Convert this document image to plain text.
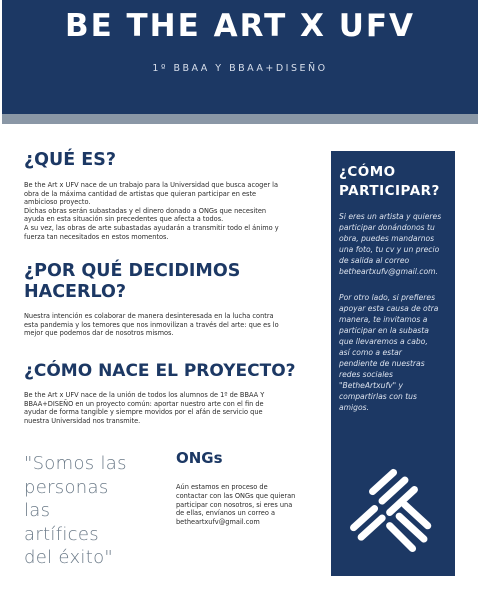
BE THE ART X UFV
1º BBAA Y BBAA+DISEÑO
¿QUÉ ES?
Be the Art x UFV nace de un trabajo para la Universidad que busca acoger la
obra de la máxima cantidad de artistas que quieran participar en este
ambicioso proyecto.
Dichas obras serán subastadas y el dinero donado a ONGs que necesiten
ayuda en esta situación sin precedentes que afecta a todos.
A su vez, las obras de arte subastadas ayudarán a transmitir todo el ánimo y
fuerza tan necesitados en estos momentos.
¿POR QUÉ DECIDIMOS
HACERLO?
Nuestra intención es colaborar de manera desinteresada en la lucha contra
esta pandemia y los temores que nos inmovilizan a través del arte: que es lo
mejor que podemos dar de nosotros mismos.
¿CÓMO NACE EL PROYECTO?
Be the Art x UFV nace de la unión de todos los alumnos de 1º de BBAA Y
BBAA+DISEÑO en un proyecto común: aportar nuestro arte con el fin de
ayudar de forma tangible y siempre movidos por el afán de servicio que
nuestra Universidad nos transmite.
"Somos las
personas
las
artífices
del éxito"
ONGs
Aún estamos en proceso de
contactar con las ONGs que quieran
participar con nosotros, si eres una
de ellas, envíanos un correo a
betheartxufv@gmail.com
¿CÓMO
PARTICIPAR?
Si eres un artista y quieres
participar donándonos tu
obra, puedes mandarnos
una foto, tu cv y un precio
de salida al correo
betheartxufv@gmail.com.
Por otro lado, si prefieres
apoyar esta causa de otra
manera, te invitamos a
participar en la subasta
que llevaremos a cabo,
así como a estar
pendiente de nuestras
redes sociales
"BetheArtxufv" y
compartirlas con tus
amigos.
